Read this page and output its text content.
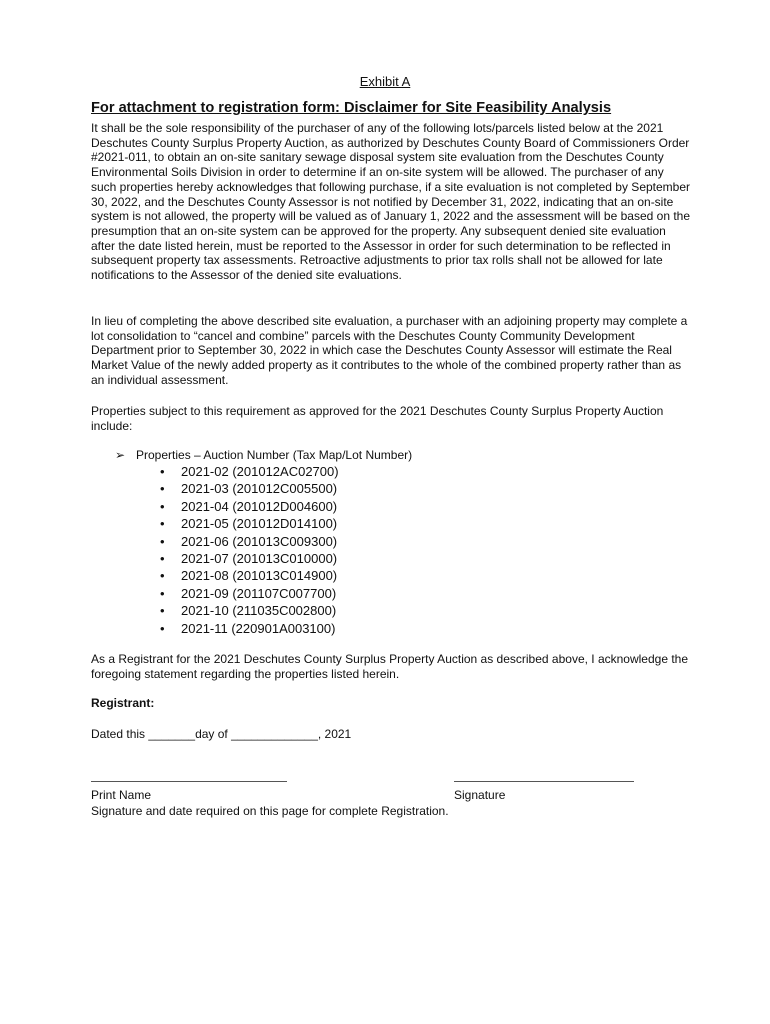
Exhibit A
For attachment to registration form: Disclaimer for Site Feasibility Analysis

It shall be the sole responsibility of the purchaser of any of the following lots/parcels listed below at the 2021 Deschutes County Surplus Property Auction, as authorized by Deschutes County Board of Commissioners Order #2021-011, to obtain an on-site sanitary sewage disposal system site evaluation from the Deschutes County Environmental Soils Division in order to determine if an on-site system will be allowed. The purchaser of any such properties hereby acknowledges that following purchase, if a site evaluation is not completed by September 30, 2022, and the Deschutes County Assessor is not notified by December 31, 2022, indicating that an on-site system is not allowed, the property will be valued as of January 1, 2022 and the assessment will be based on the presumption that an on-site system can be approved for the property. Any subsequent denied site evaluation after the date listed herein, must be reported to the Assessor in order for such determination to be reflected in subsequent property tax assessments. Retroactive adjustments to prior tax rolls shall not be allowed for late notifications to the Assessor of the denied site evaluations.

In lieu of completing the above described site evaluation, a purchaser with an adjoining property may complete a lot consolidation to “cancel and combine” parcels with the Deschutes County Community Development Department prior to September 30, 2022 in which case the Deschutes County Assessor will estimate the Real Market Value of the newly added property as it contributes to the whole of the combined property rather than as an individual assessment.

Properties subject to this requirement as approved for the 2021 Deschutes County Surplus Property Auction include:

➢ Properties – Auction Number (Tax Map/Lot Number)
• 2021-02 (201012AC02700)
• 2021-03 (201012C005500)
• 2021-04 (201012D004600)
• 2021-05 (201012D014100)
• 2021-06 (201013C009300)
• 2021-07 (201013C010000)
• 2021-08 (201013C014900)
• 2021-09 (201107C007700)
• 2021-10 (211035C002800)
• 2021-11 (220901A003100)

As a Registrant for the 2021 Deschutes County Surplus Property Auction as described above, I acknowledge the foregoing statement regarding the properties listed herein.

Registrant:
Dated this _______day of _____________, 2021
Print Name	Signature
Signature and date required on this page for complete Registration.
